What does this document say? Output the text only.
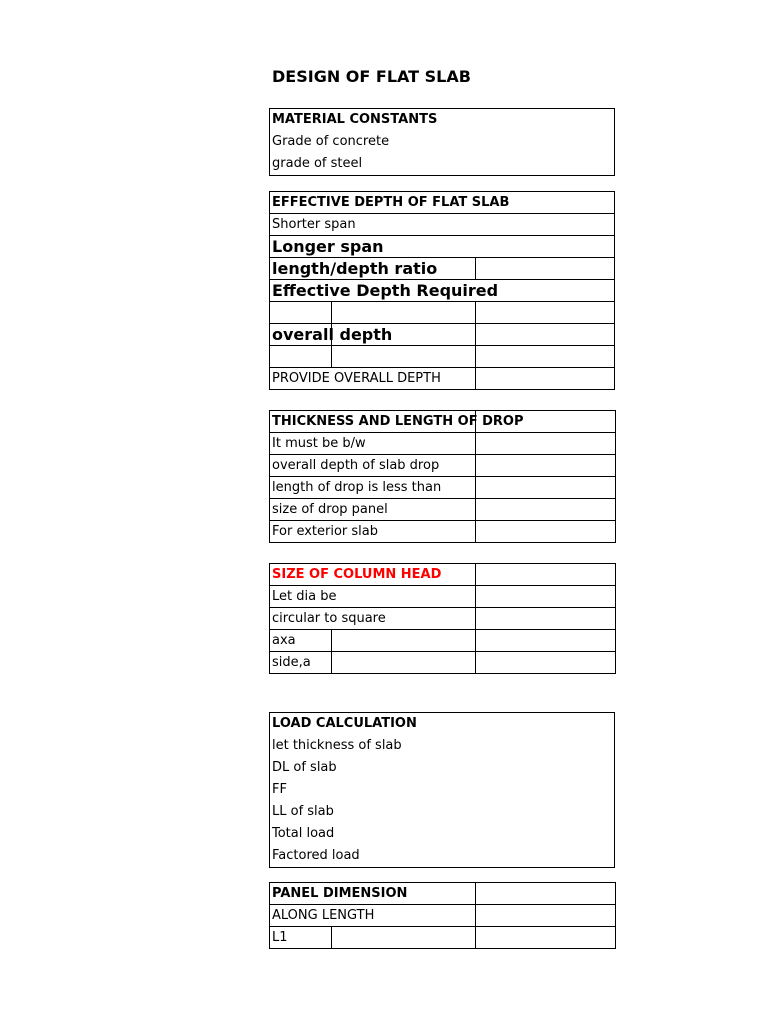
DESIGN OF FLAT SLAB
MATERIAL CONSTANTS
Grade of concrete
grade of steel
EFFECTIVE DEPTH OF FLAT SLAB		
Shorter span		
Longer span		
length/depth ratio		
Effective Depth Required		

overall depth		

PROVIDE OVERALL DEPTH		
THICKNESS AND LENGTH OF DROP		
It must be b/w		
overall depth of slab drop		
length of drop is less than		
size of drop panel		
For exterior slab		
SIZE OF COLUMN HEAD		
Let dia be		
circular to square		
axa		
side,a		
LOAD CALCULATION
let thickness of slab
DL of slab
FF
LL of slab
Total load
Factored load
PANEL DIMENSION		
ALONG LENGTH		
L1		
